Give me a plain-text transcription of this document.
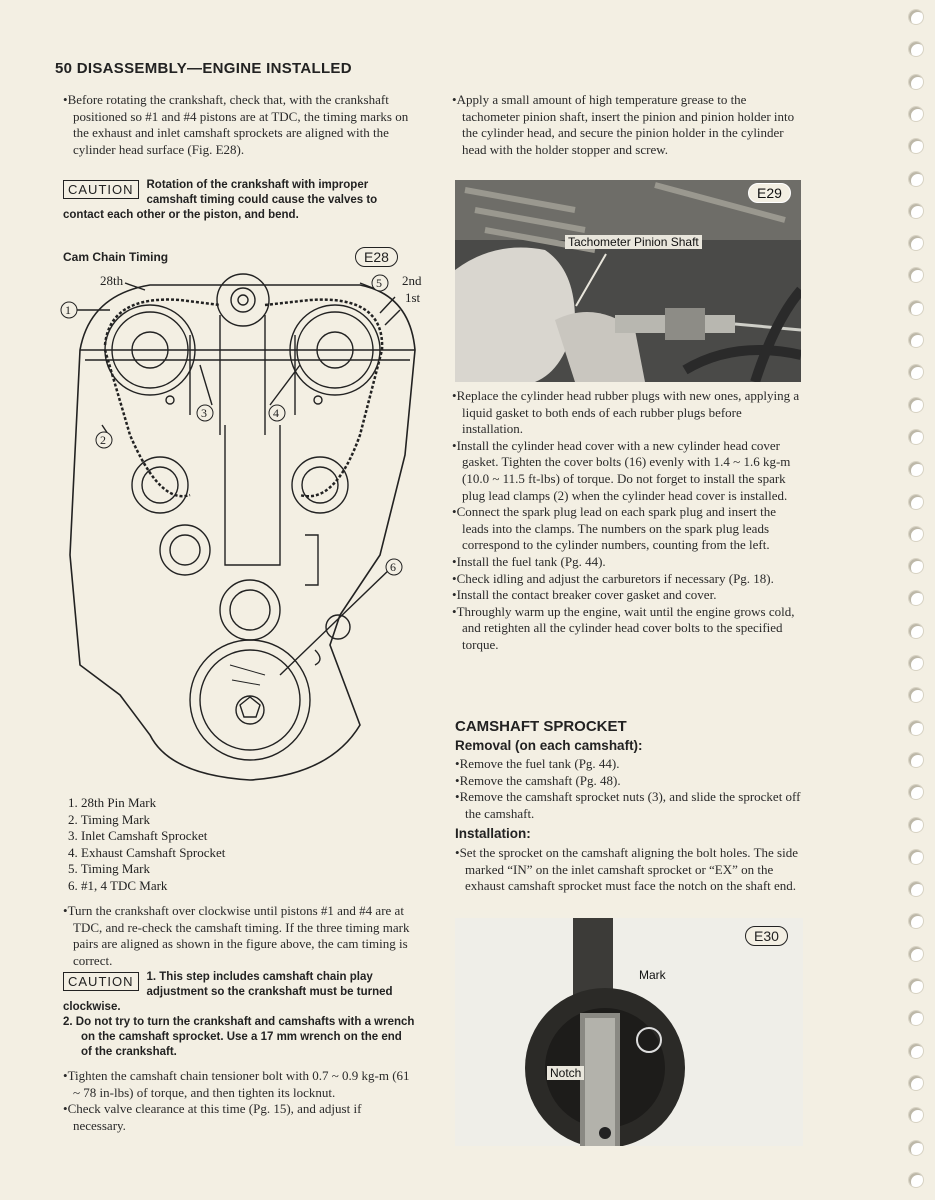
50 DISASSEMBLY—ENGINE INSTALLED

• Before rotating the crankshaft, check that, with the crankshaft positioned so #1 and #4 pistons are at TDC, the timing marks on the exhaust and inlet camshaft sprockets are aligned with the cylinder head surface (Fig. E28).

CAUTION	Rotation of the crankshaft with improper camshaft timing could cause the valves to contact each other or the piston, and bend.
Cam Chain Timing
28th	2nd
1st
1
2
3	4
5
6
E28
1. 28th Pin Mark
2. Timing Mark
3. Inlet Camshaft Sprocket
4. Exhaust Camshaft Sprocket
5. Timing Mark
6. #1, 4 TDC Mark

• Turn the crankshaft over clockwise until pistons #1 and #4 are at TDC, and re-check the camshaft timing. If the three timing mark pairs are aligned as shown in the figure above, the cam timing is correct.

CAUTION	1. This step includes camshaft chain play adjustment so the crankshaft must be turned clockwise.
2. Do not try to turn the crankshaft and camshafts with a wrench on the camshaft sprocket. Use a 17 mm wrench on the end of the crankshaft.

• Tighten the camshaft chain tensioner bolt with 0.7 ~ 0.9 kg-m (61 ~ 78 in-lbs) of torque, and then tighten its locknut.

• Check valve clearance at this time (Pg. 15), and adjust if necessary.

• Apply a small amount of high temperature grease to the tachometer pinion shaft, insert the pinion and pinion holder into the cylinder head, and secure the pinion holder in the cylinder head with the holder stopper and screw.

Tachometer Pinion Shaft
E29

• Replace the cylinder head rubber plugs with new ones, applying a liquid gasket to both ends of each rubber plugs before installation.

• Install the cylinder head cover with a new cylinder head cover gasket. Tighten the cover bolts (16) evenly with 1.4 ~ 1.6 kg-m (10.0 ~ 11.5 ft-lbs) of torque. Do not forget to install the spark plug lead clamps (2) when the cylinder head cover is installed.

• Connect the spark plug lead on each spark plug and insert the leads into the clamps. The numbers on the spark plug leads correspond to the cylinder numbers, counting from the left.

• Install the fuel tank (Pg. 44).

• Check idling and adjust the carburetors if necessary (Pg. 18).

• Install the contact breaker cover gasket and cover.

• Throughly warm up the engine, wait until the engine grows cold, and retighten all the cylinder head cover bolts to the specified torque.

CAMSHAFT SPROCKET
Removal (on each camshaft):

• Remove the fuel tank (Pg. 44).

• Remove the camshaft (Pg. 48).

• Remove the camshaft sprocket nuts (3), and slide the sprocket off the camshaft.

Installation:

• Set the sprocket on the camshaft aligning the bolt holes. The side marked “IN” on the inlet camshaft sprocket or “EX” on the exhaust camshaft sprocket must face the notch on the shaft end.

Mark
Notch
E30
